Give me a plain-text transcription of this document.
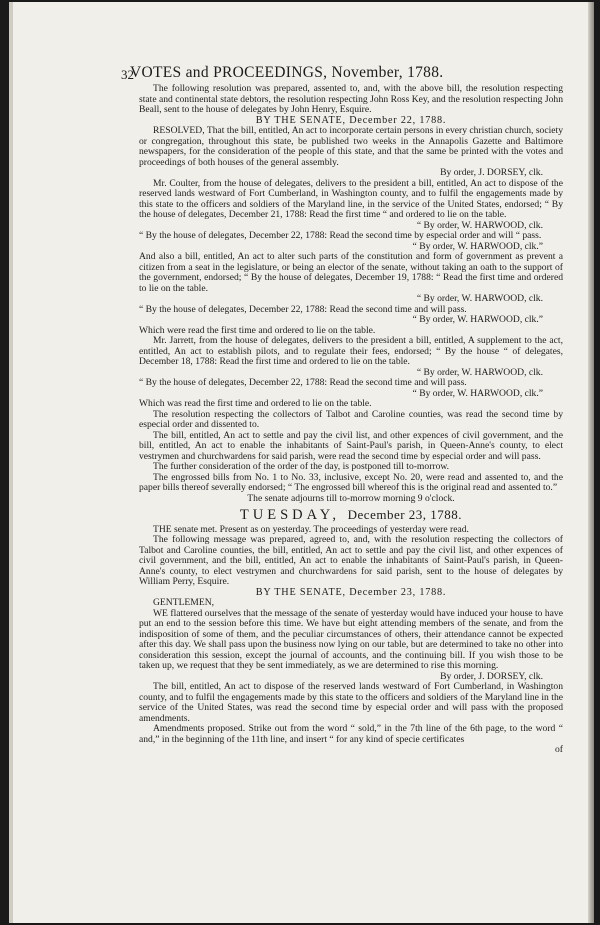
32
VOTES and PROCEEDINGS, November, 1788.

The following resolution was prepared, assented to, and, with the above bill, the resolution respecting state and continental state debtors, the resolution respecting John Ross Key, and the resolution respecting John Beall, sent to the house of delegates by John Henry, Esquire.

BY THE SENATE, December 22, 1788.

RESOLVED, That the bill, entitled, An act to incorporate certain persons in every christian church, society or congregation, throughout this state, be published two weeks in the Annapolis Gazette and Baltimore newspapers, for the consideration of the people of this state, and that the same be printed with the votes and proceedings of both houses of the general assembly.

By order, J. DORSEY, clk.

Mr. Coulter, from the house of delegates, delivers to the president a bill, entitled, An act to dispose of the reserved lands westward of Fort Cumberland, in Washington county, and to fulfil the engagements made by this state to the officers and soldiers of the Maryland line, in the service of the United States, endorsed; “ By the house of delegates, December 21, 1788: Read the first time “ and ordered to lie on the table.

“ By order, W. HARWOOD, clk.

“ By the house of delegates, December 22, 1788: Read the second time by especial order and will “ pass.

“ By order, W. HARWOOD, clk.”

And also a bill, entitled, An act to alter such parts of the constitution and form of government as prevent a citizen from a seat in the legislature, or being an elector of the senate, without taking an oath to the support of the government, endorsed; “ By the house of delegates, December 19, 1788: “ Read the first time and ordered to lie on the table.

“ By order, W. HARWOOD, clk.

“ By the house of delegates, December 22, 1788: Read the second time and will pass.

“ By order, W. HARWOOD, clk.”

Which were read the first time and ordered to lie on the table.

Mr. Jarrett, from the house of delegates, delivers to the president a bill, entitled, A supplement to the act, entitled, An act to establish pilots, and to regulate their fees, endorsed; “ By the house “ of delegates, December 18, 1788: Read the first time and ordered to lie on the table.

“ By order, W. HARWOOD, clk.

“ By the house of delegates, December 22, 1788: Read the second time and will pass.

“ By order, W. HARWOOD, clk.”

Which was read the first time and ordered to lie on the table.

The resolution respecting the collectors of Talbot and Caroline counties, was read the second time by especial order and dissented to.

The bill, entitled, An act to settle and pay the civil list, and other expences of civil government, and the bill, entitled, An act to enable the inhabitants of Saint-Paul's parish, in Queen-Anne's county, to elect vestrymen and churchwardens for said parish, were read the second time by especial order and will pass.

The further consideration of the order of the day, is postponed till to-morrow.

The engrossed bills from No. 1 to No. 33, inclusive, except No. 20, were read and assented to, and the paper bills thereof severally endorsed; “ The engrossed bill whereof this is the original read and assented to.”

The senate adjourns till to-morrow morning 9 o'clock.

TUESDAY, December 23, 1788.

THE senate met. Present as on yesterday. The proceedings of yesterday were read.

The following message was prepared, agreed to, and, with the resolution respecting the collectors of Talbot and Caroline counties, the bill, entitled, An act to settle and pay the civil list, and other expences of civil government, and the bill, entitled, An act to enable the inhabitants of Saint-Paul's parish, in Queen-Anne's county, to elect vestrymen and churchwardens for said parish, sent to the house of delegates by William Perry, Esquire.

BY THE SENATE, December 23, 1788.

GENTLEMEN,

WE flattered ourselves that the message of the senate of yesterday would have induced your house to have put an end to the session before this time. We have but eight attending members of the senate, and from the indisposition of some of them, and the peculiar circumstances of others, their attendance cannot be expected after this day. We shall pass upon the business now lying on our table, but are determined to take no other into consideration this session, except the journal of accounts, and the continuing bill. If you wish those to be taken up, we request that they be sent immediately, as we are determined to rise this morning.

By order, J. DORSEY, clk.

The bill, entitled, An act to dispose of the reserved lands westward of Fort Cumberland, in Washington county, and to fulfil the engagements made by this state to the officers and soldiers of the Maryland line in the service of the United States, was read the second time by especial order and will pass with the proposed amendments.

Amendments proposed. Strike out from the word “ sold,” in the 7th line of the 6th page, to the word “ and,” in the beginning of the 11th line, and insert “ for any kind of specie certificates

of
